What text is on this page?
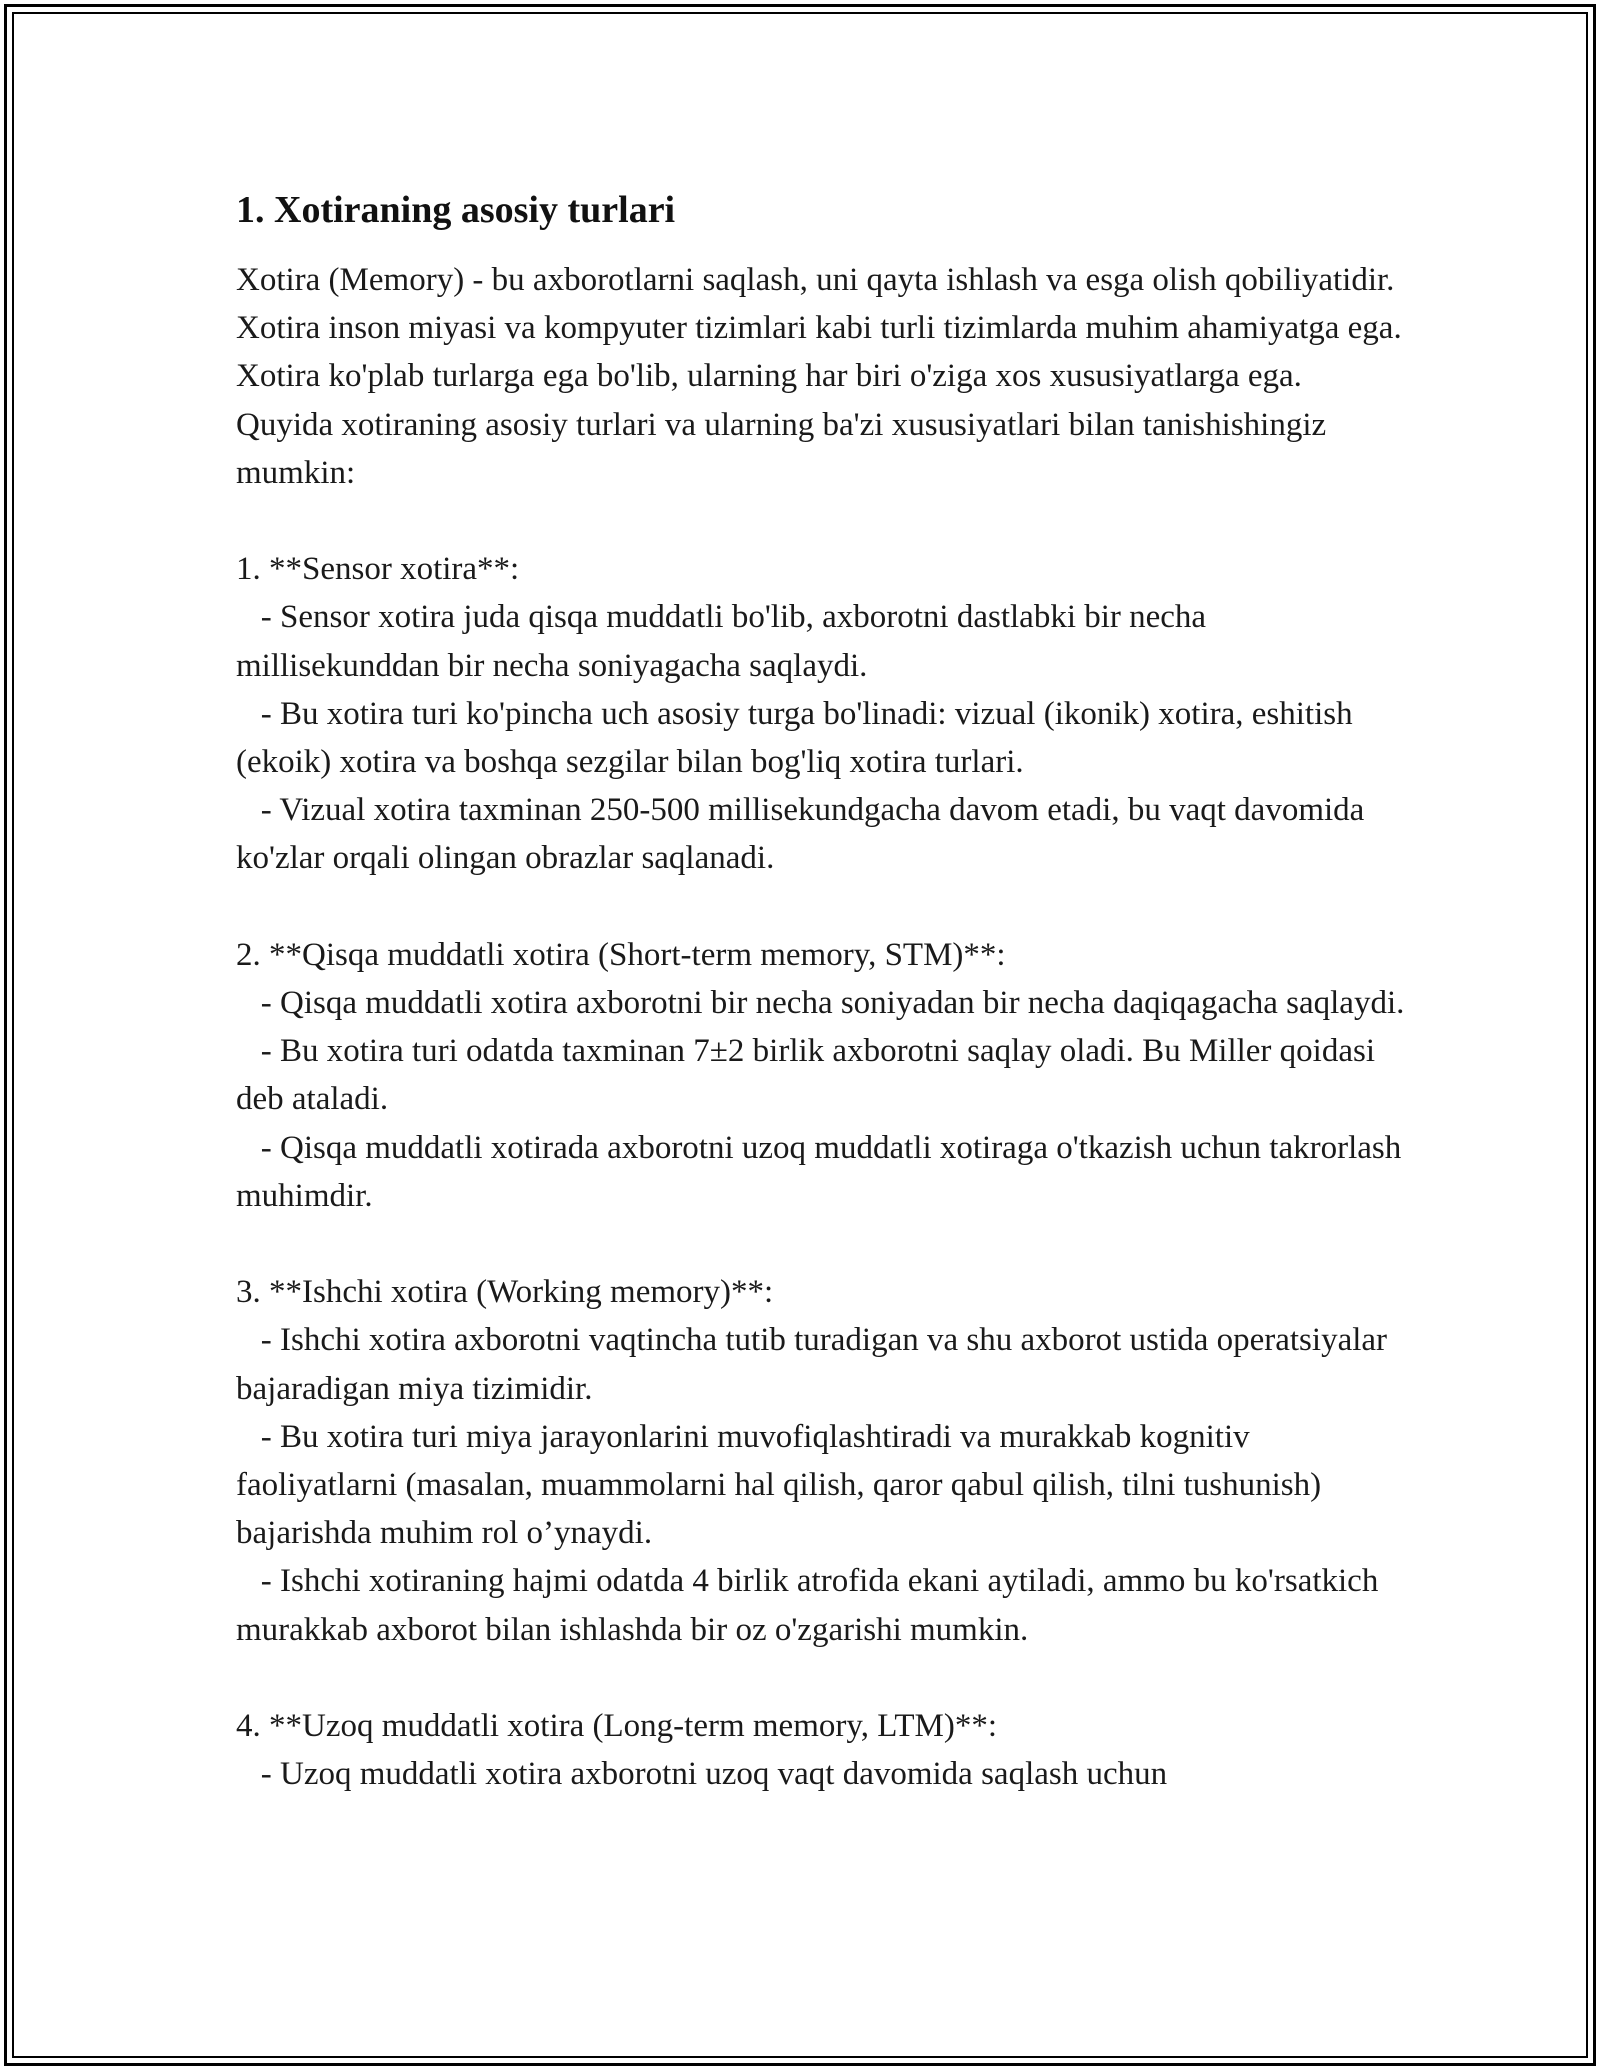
1. Xotiraning asosiy turlari

Xotira (Memory) - bu axborotlarni saqlash, uni qayta ishlash va esga olish qobiliyatidir. Xotira inson miyasi va kompyuter tizimlari kabi turli tizimlarda muhim ahamiyatga ega. Xotira ko'plab turlarga ega bo'lib, ularning har biri o'ziga xos xususiyatlarga ega. Quyida xotiraning asosiy turlari va ularning ba'zi xususiyatlari bilan tanishishingiz mumkin:

1. **Sensor xotira**:

- Sensor xotira juda qisqa muddatli bo'lib, axborotni dastlabki bir necha millisekunddan bir necha soniyagacha saqlaydi.

- Bu xotira turi ko'pincha uch asosiy turga bo'linadi: vizual (ikonik) xotira, eshitish (ekoik) xotira va boshqa sezgilar bilan bog'liq xotira turlari.

- Vizual xotira taxminan 250-500 millisekundgacha davom etadi, bu vaqt davomida ko'zlar orqali olingan obrazlar saqlanadi.

2. **Qisqa muddatli xotira (Short-term memory, STM)**:

- Qisqa muddatli xotira axborotni bir necha soniyadan bir necha daqiqagacha saqlaydi.

- Bu xotira turi odatda taxminan 7±2 birlik axborotni saqlay oladi. Bu Miller qoidasi deb ataladi.

- Qisqa muddatli xotirada axborotni uzoq muddatli xotiraga o'tkazish uchun takrorlash muhimdir.

3. **Ishchi xotira (Working memory)**:

- Ishchi xotira axborotni vaqtincha tutib turadigan va shu axborot ustida operatsiyalar bajaradigan miya tizimidir.

- Bu xotira turi miya jarayonlarini muvofiqlashtiradi va murakkab kognitiv faoliyatlarni (masalan, muammolarni hal qilish, qaror qabul qilish, tilni tushunish) bajarishda muhim rol o’ynaydi.

- Ishchi xotiraning hajmi odatda 4 birlik atrofida ekani aytiladi, ammo bu ko'rsatkich murakkab axborot bilan ishlashda bir oz o'zgarishi mumkin.

4. **Uzoq muddatli xotira (Long-term memory, LTM)**:

- Uzoq muddatli xotira axborotni uzoq vaqt davomida saqlash uchun
